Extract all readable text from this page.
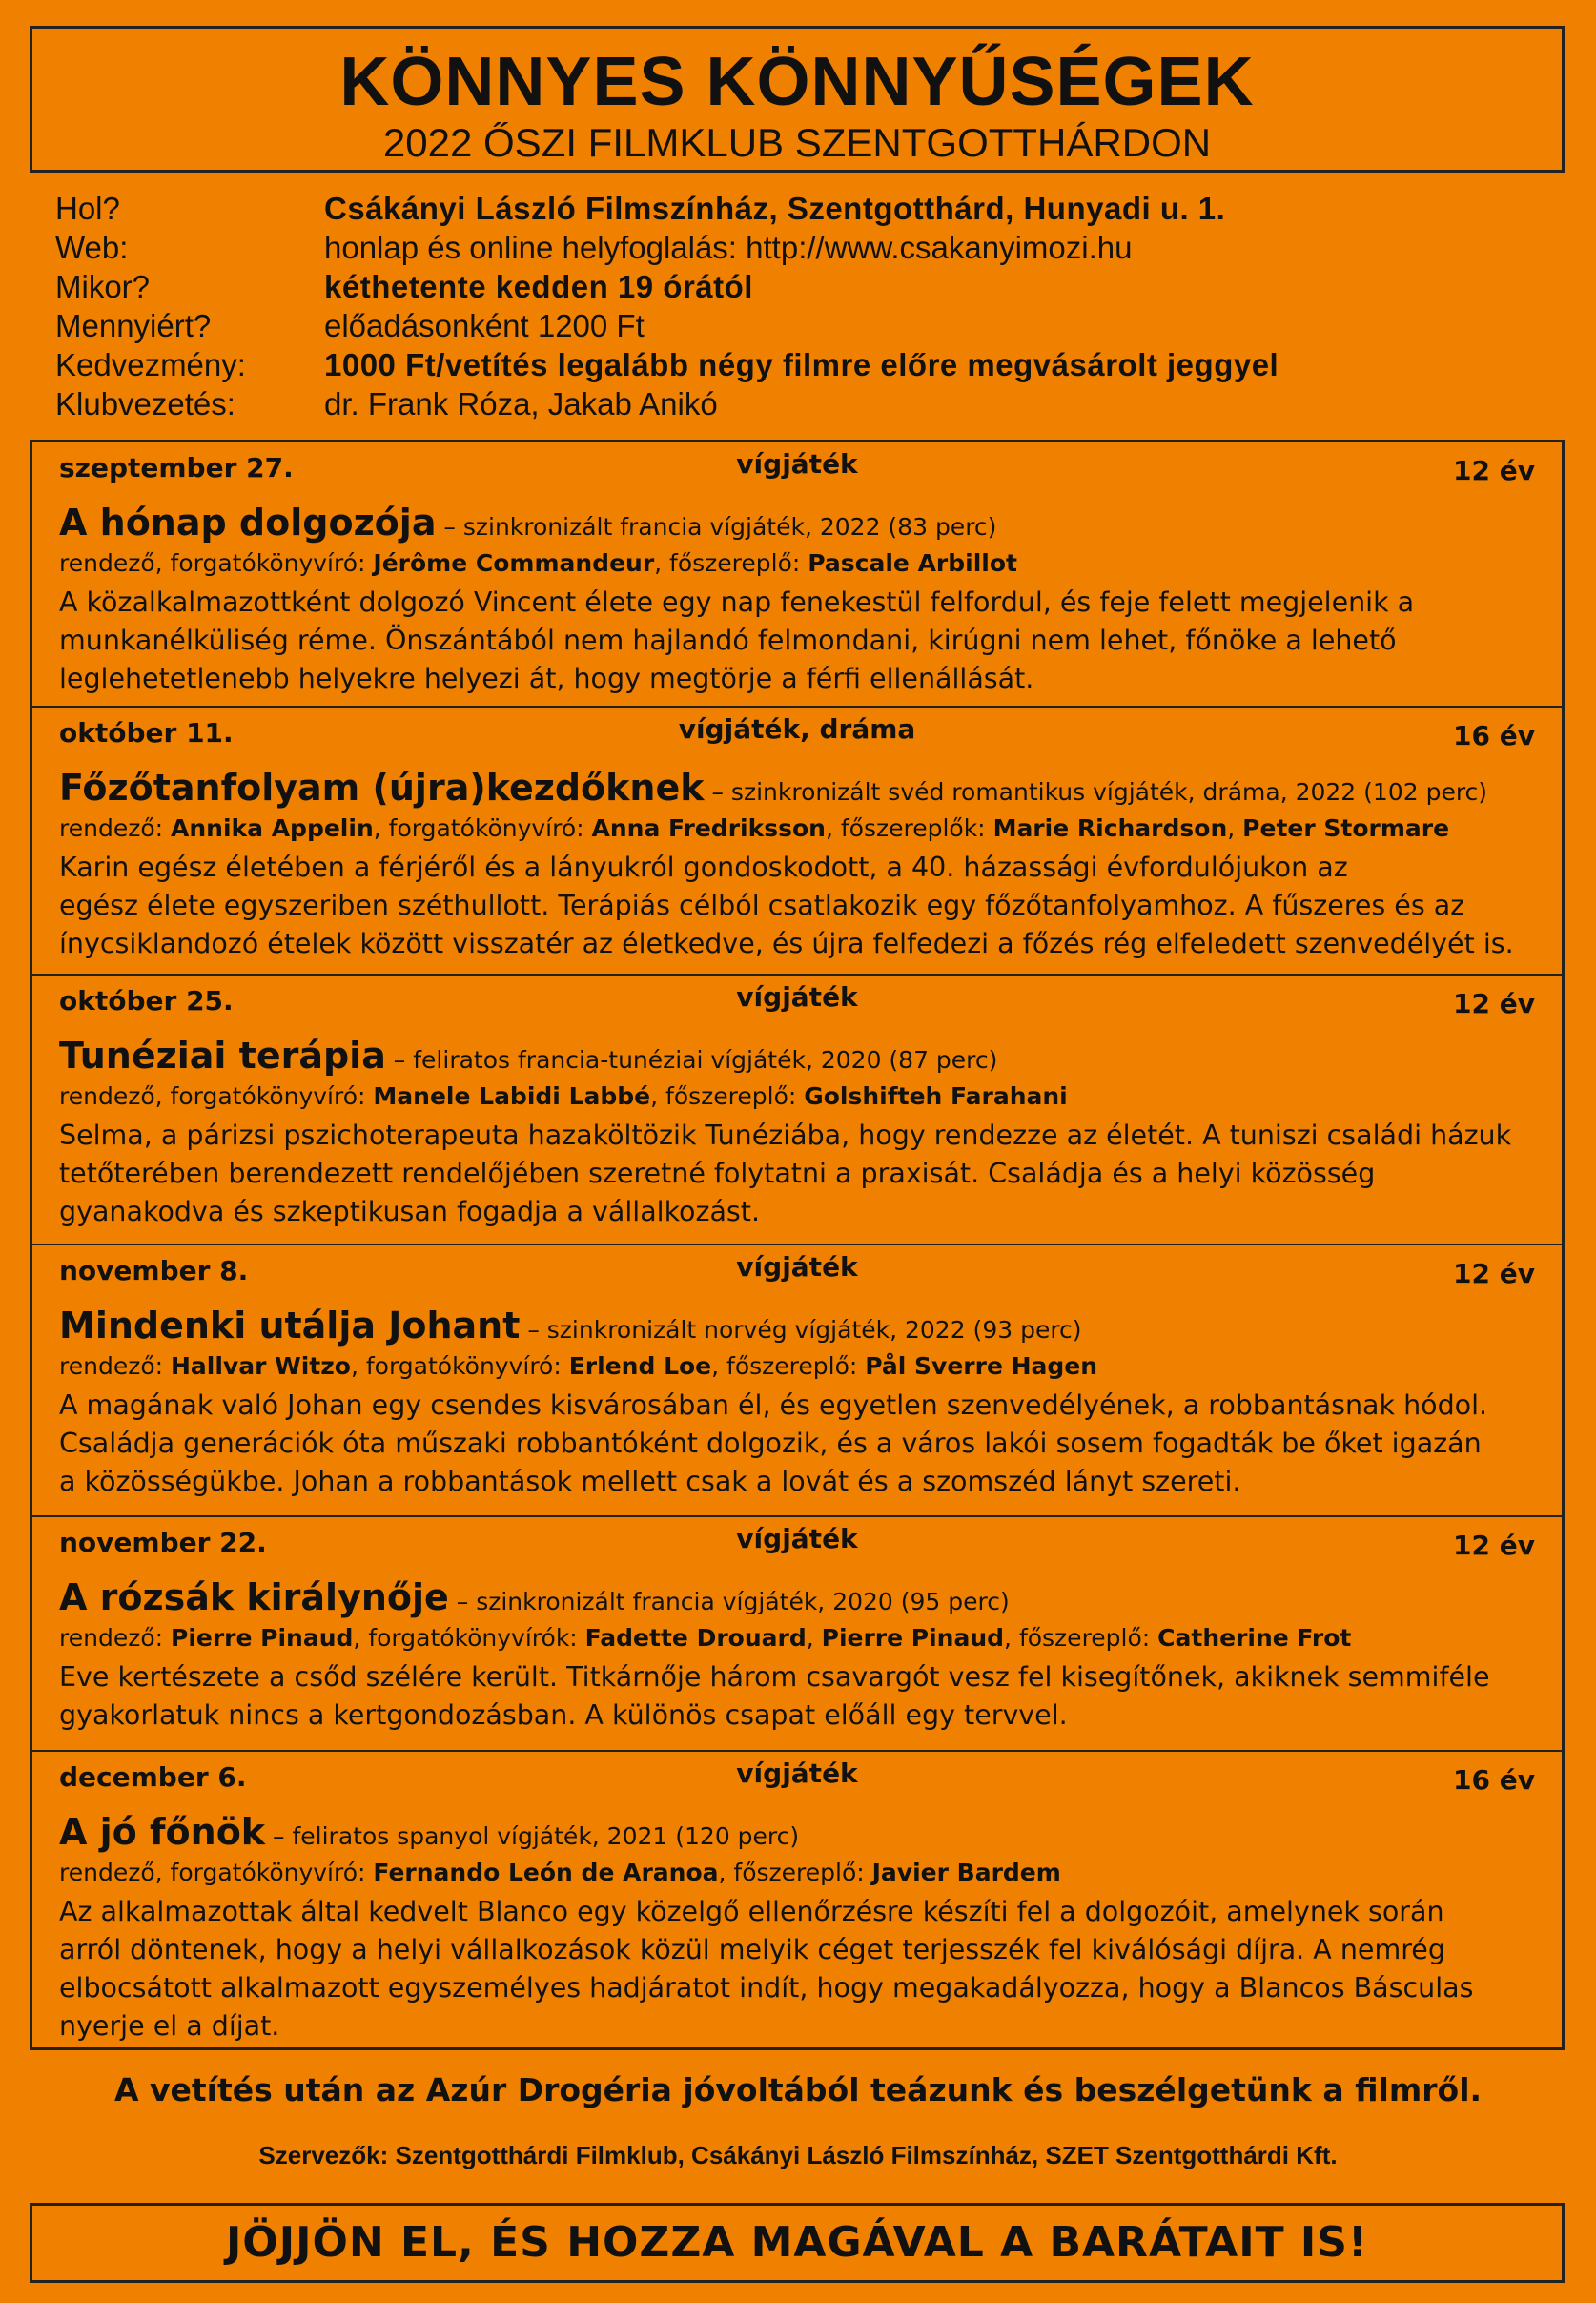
KÖNNYES KÖNNYŰSÉGEK
2022 ŐSZI FILMKLUB SZENTGOTTHÁRDON
Hol?	Csákányi László Filmszínház, Szentgotthárd, Hunyadi u. 1.
Web:	honlap és online helyfoglalás: http://www.csakanyimozi.hu
Mikor?	kéthetente kedden 19 órától
Mennyiért?	előadásonként 1200 Ft
Kedvezmény:	1000 Ft/vetítés legalább négy filmre előre megvásárolt jeggyel
Klubvezetés:	dr. Frank Róza, Jakab Anikó
szeptember 27.	vígjáték	12 év
A hónap dolgozója – szinkronizált francia vígjáték, 2022 (83 perc)
rendező, forgatókönyvíró: Jérôme Commandeur, főszereplő: Pascale Arbillot
A közalkalmazottként dolgozó Vincent élete egy nap fenekestül felfordul, és feje felett megjelenik a
munkanélküliség réme. Önszántából nem hajlandó felmondani, kirúgni nem lehet, főnöke a lehető
leglehetetlenebb helyekre helyezi át, hogy megtörje a férfi ellenállását.
október 11.	vígjáték, dráma	16 év
Főzőtanfolyam (újra)kezdőknek – szinkronizált svéd romantikus vígjáték, dráma, 2022 (102 perc)
rendező: Annika Appelin, forgatókönyvíró: Anna Fredriksson, főszereplők: Marie Richardson, Peter Stormare
Karin egész életében a férjéről és a lányukról gondoskodott, a 40. házassági évfordulójukon az
egész élete egyszeriben széthullott. Terápiás célból csatlakozik egy főzőtanfolyamhoz. A fűszeres és az
ínycsiklandozó ételek között visszatér az életkedve, és újra felfedezi a főzés rég elfeledett szenvedélyét is.
október 25.	vígjáték	12 év
Tunéziai terápia – feliratos francia-tunéziai vígjáték, 2020 (87 perc)
rendező, forgatókönyvíró: Manele Labidi Labbé, főszereplő: Golshifteh Farahani
Selma, a párizsi pszichoterapeuta hazaköltözik Tunéziába, hogy rendezze az életét. A tuniszi családi házuk
tetőterében berendezett rendelőjében szeretné folytatni a praxisát. Családja és a helyi közösség
gyanakodva és szkeptikusan fogadja a vállalkozást.
november 8.	vígjáték	12 év
Mindenki utálja Johant – szinkronizált norvég vígjáték, 2022 (93 perc)
rendező: Hallvar Witzo, forgatókönyvíró: Erlend Loe, főszereplő: Pål Sverre Hagen
A magának való Johan egy csendes kisvárosában él, és egyetlen szenvedélyének, a robbantásnak hódol.
Családja generációk óta műszaki robbantóként dolgozik, és a város lakói sosem fogadták be őket igazán
a közösségükbe. Johan a robbantások mellett csak a lovát és a szomszéd lányt szereti.
november 22.	vígjáték	12 év
A rózsák királynője – szinkronizált francia vígjáték, 2020 (95 perc)
rendező: Pierre Pinaud, forgatókönyvírók: Fadette Drouard, Pierre Pinaud, főszereplő: Catherine Frot
Eve kertészete a csőd szélére került. Titkárnője három csavargót vesz fel kisegítőnek, akiknek semmiféle
gyakorlatuk nincs a kertgondozásban. A különös csapat előáll egy tervvel.
december 6.	vígjáték	16 év
A jó főnök – feliratos spanyol vígjáték, 2021 (120 perc)
rendező, forgatókönyvíró: Fernando León de Aranoa, főszereplő: Javier Bardem
Az alkalmazottak által kedvelt Blanco egy közelgő ellenőrzésre készíti fel a dolgozóit, amelynek során
arról döntenek, hogy a helyi vállalkozások közül melyik céget terjesszék fel kiválósági díjra. A nemrég
elbocsátott alkalmazott egyszemélyes hadjáratot indít, hogy megakadályozza, hogy a Blancos Básculas
nyerje el a díjat.
A vetítés után az Azúr Drogéria jóvoltából teázunk és beszélgetünk a filmről.
Szervezők: Szentgotthárdi Filmklub, Csákányi László Filmszínház, SZET Szentgotthárdi Kft.
JÖJJÖN EL, ÉS HOZZA MAGÁVAL A BARÁTAIT IS!
